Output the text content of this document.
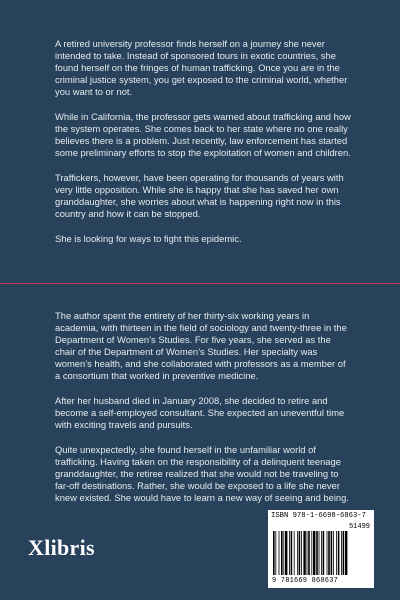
A retired university professor finds herself on a journey she never intended to take. Instead of sponsored tours in exotic countries, she found herself on the fringes of human trafficking. Once you are in the criminal justice system, you get exposed to the criminal world, whether you want to or not.

While in California, the professor gets warned about trafficking and how the system operates. She comes back to her state where no one really believes there is a problem. Just recently, law enforcement has started some preliminary efforts to stop the exploitation of women and children.

Traffickers, however, have been operating for thousands of years with very little opposition. While she is happy that she has saved her own granddaughter, she worries about what is happening right now in this country and how it can be stopped.

She is looking for ways to fight this epidemic.

The author spent the entirety of her thirty-six working years in academia, with thirteen in the field of sociology and twenty-three in the Department of Women’s Studies. For five years, she served as the chair of the Department of Women’s Studies. Her specialty was women’s health, and she collaborated with professors as a member of a consortium that worked in preventive medicine.

After her husband died in January 2008, she decided to retire and become a self-employed consultant. She expected an uneventful time with exciting travels and pursuits.

Quite unexpectedly, she found herself in the unfamiliar world of trafficking. Having taken on the responsibility of a delinquent teenage granddaughter, the retiree realized that she would not be traveling to far-off destinations. Rather, she would be exposed to a life she never knew existed. She would have to learn a new way of seeing and being.

Xlibris
ISBN 978-1-6698-6863-7
51499
9 781669 868637
